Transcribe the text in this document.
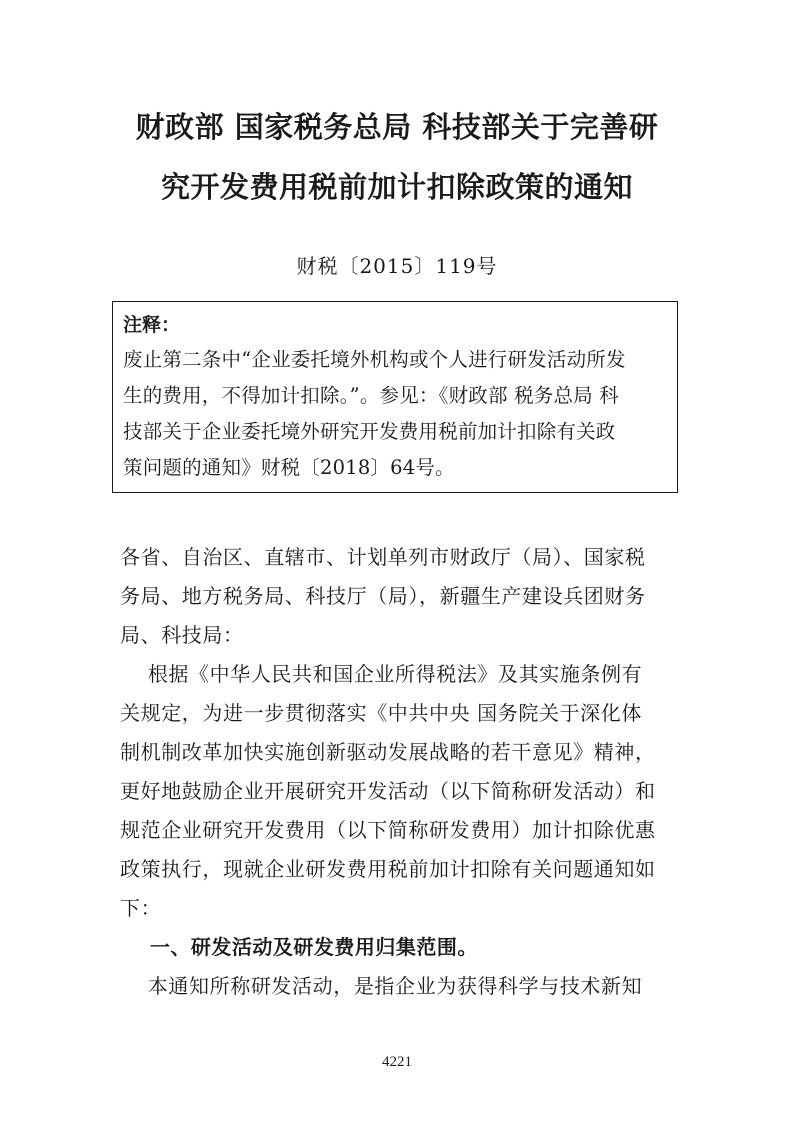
财政部 国家税务总局 科技部关于完善研
究开发费用税前加计扣除政策的通知
财税〔2015〕119号
注释：
废止第二条中“企业委托境外机构或个人进行研发活动所发
生的费用，不得加计扣除。”。参见：《财政部 税务总局 科
技部关于企业委托境外研究开发费用税前加计扣除有关政
策问题的通知》财税〔2018〕64号。
各省、自治区、直辖市、计划单列市财政厅（局）、国家税
务局、地方税务局、科技厅（局），新疆生产建设兵团财务
局、科技局：
根据《中华人民共和国企业所得税法》及其实施条例有
关规定，为进一步贯彻落实《中共中央 国务院关于深化体
制机制改革加快实施创新驱动发展战略的若干意见》精神，
更好地鼓励企业开展研究开发活动（以下简称研发活动）和
规范企业研究开发费用（以下简称研发费用）加计扣除优惠
政策执行，现就企业研发费用税前加计扣除有关问题通知如
下：
一、研发活动及研发费用归集范围。
本通知所称研发活动，是指企业为获得科学与技术新知
4221
